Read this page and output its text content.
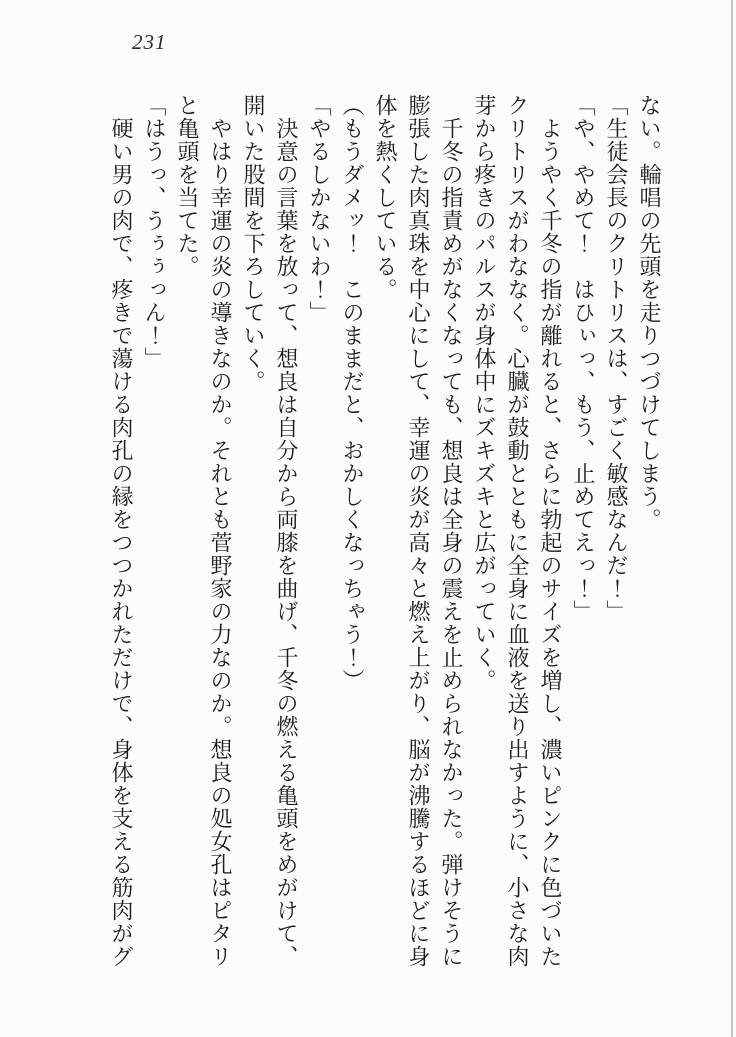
231
ない。輪唱の先頭を走りつづけてしまう。
「生徒会長のクリトリスは、すごく敏感なんだ！」
「や、やめて！　はひぃっ、もう、止めてえっ！」
　ようやく千冬の指が離れると、さらに勃起のサイズを増し、濃いピンクに色づいた
クリトリスがわななく。心臓が鼓動とともに全身に血液を送り出すように、小さな肉
芽から疼きのパルスが身体中にズキズキと広がっていく。
　千冬の指責めがなくなっても、想良は全身の震えを止められなかった。弾けそうに
膨張した肉真珠を中心にして、幸運の炎が高々と燃え上がり、脳が沸騰するほどに身
体を熱くしている。
（もうダメッ！　このままだと、おかしくなっちゃう！）
「やるしかないわ！」
　決意の言葉を放って、想良は自分から両膝を曲げ、千冬の燃える亀頭をめがけて、
開いた股間を下ろしていく。
　やはり幸運の炎の導きなのか。それとも菅野家の力なのか。想良の処女孔はピタリ
と亀頭を当てた。
「はうっ、うぅぅっん！」
　硬い男の肉で、疼きで蕩ける肉孔の縁をつつかれただけで、身体を支える筋肉がグ
